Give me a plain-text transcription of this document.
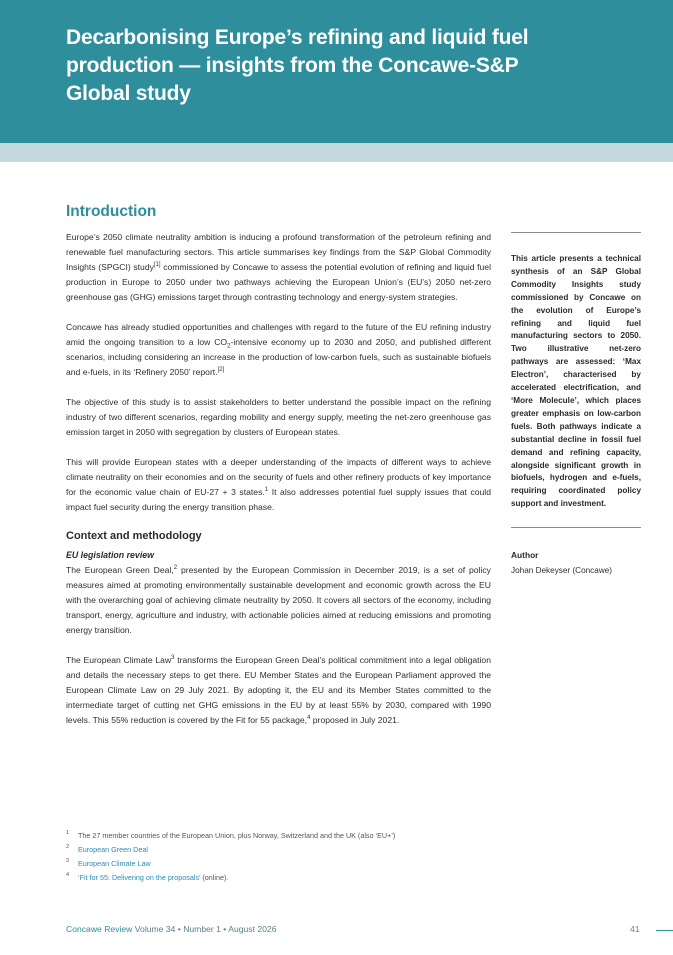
Decarbonising Europe’s refining and liquid fuel production — insights from the Concawe-S&P Global study
Introduction

Europe’s 2050 climate neutrality ambition is inducing a profound transformation of the petroleum refining and renewable fuel manufacturing sectors. This article summarises key findings from the S&P Global Commodity Insights (SPGCI) study[1] commissioned by Concawe to assess the potential evolution of refining and liquid fuel production in Europe to 2050 under two pathways achieving the European Union’s (EU’s) 2050 net-zero greenhouse gas (GHG) emissions target through contrasting technology and energy-system strategies.

Concawe has already studied opportunities and challenges with regard to the future of the EU refining industry amid the ongoing transition to a low $CO_2$-intensive economy up to 2030 and 2050, and published different scenarios, including considering an increase in the production of low-carbon fuels, such as sustainable biofuels and e-fuels, in its ‘Refinery 2050’ report.[2]

The objective of this study is to assist stakeholders to better understand the possible impact on the refining industry of two different scenarios, regarding mobility and energy supply, meeting the net-zero greenhouse gas emission target in 2050 with segregation by clusters of European states.

This will provide European states with a deeper understanding of the impacts of different ways to achieve climate neutrality on their economies and on the security of fuels and other refinery products of key importance for the economic value chain of EU-27 + 3 states.$^1$ It also addresses potential fuel supply issues that could impact fuel security during the energy transition phase.

Context and methodology
EU legislation review

The European Green Deal,$^2$ presented by the European Commission in December 2019, is a set of policy measures aimed at promoting environmentally sustainable development and economic growth across the EU with the overarching goal of achieving climate neutrality by 2050. It covers all sectors of the economy, including transport, energy, agriculture and industry, with actionable policies aimed at reducing emissions and promoting energy transition.

The European Climate Law$^3$ transforms the European Green Deal’s political commitment into a legal obligation and details the necessary steps to get there. EU Member States and the European Parliament approved the European Climate Law on 29 July 2021. By adopting it, the EU and its Member States committed to the intermediate target of cutting net GHG emissions in the EU by at least 55% by 2030, compared with 1990 levels. This 55% reduction is covered by the Fit for 55 package,$^4$ proposed in July 2021.

This article presents a technical synthesis of an S&P Global Commodity Insights study commissioned by Concawe on the evolution of Europe’s refining and liquid fuel manufacturing sectors to 2050. Two illustrative net-zero pathways are assessed: ‘Max Electron’, characterised by accelerated electrification, and ‘More Molecule’, which places greater emphasis on low-carbon fuels. Both pathways indicate a substantial decline in fossil fuel demand and refining capacity, alongside significant growth in biofuels, hydrogen and e-fuels, requiring coordinated policy support and investment.

Author
Johan Dekeyser (Concawe)
1	The 27 member countries of the European Union, plus Norway, Switzerland and the UK (also ‘EU+’)
2	European Green Deal
3	European Climate Law
4	‘Fit for 55: Delivering on the proposals’ (online).
Concawe Review Volume 34 • Number 1 • August 2026	41
